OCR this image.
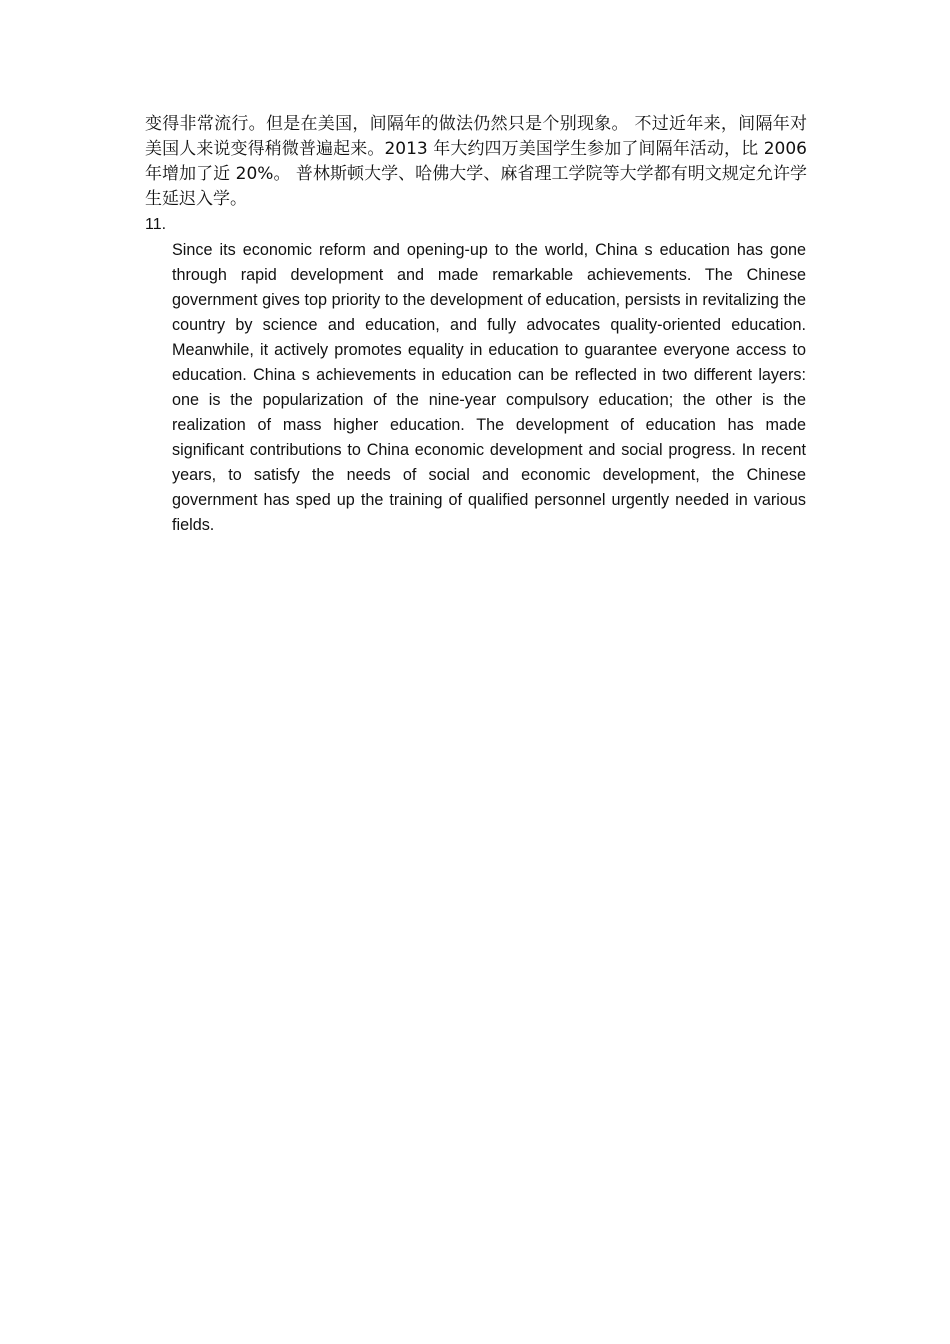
变得非常流行。但是在美国，间隔年的做法仍然只是个别现象。 不过近年来，间隔年对美国人来说变得稍微普遍起来。2013 年大约四万美国学生参加了间隔年活动，比 2006 年增加了近 20%。 普林斯顿大学、哈佛大学、麻省理工学院等大学都有明文规定允许学生延迟入学。

11.

Since its economic reform and opening-up to the world, China s education has gone through rapid development and made remarkable achievements. The Chinese government gives top priority to the development of education, persists in revitalizing the country by science and education, and fully advocates quality-oriented education. Meanwhile, it actively promotes equality in education to guarantee everyone access to education. China s achievements in education can be reflected in two different layers: one is the popularization of the nine-year compulsory education; the other is the realization of mass higher education. The development of education has made significant contributions to China economic development and social progress. In recent years, to satisfy the needs of social and economic development, the Chinese government has sped up the training of qualified personnel urgently needed in various fields.
